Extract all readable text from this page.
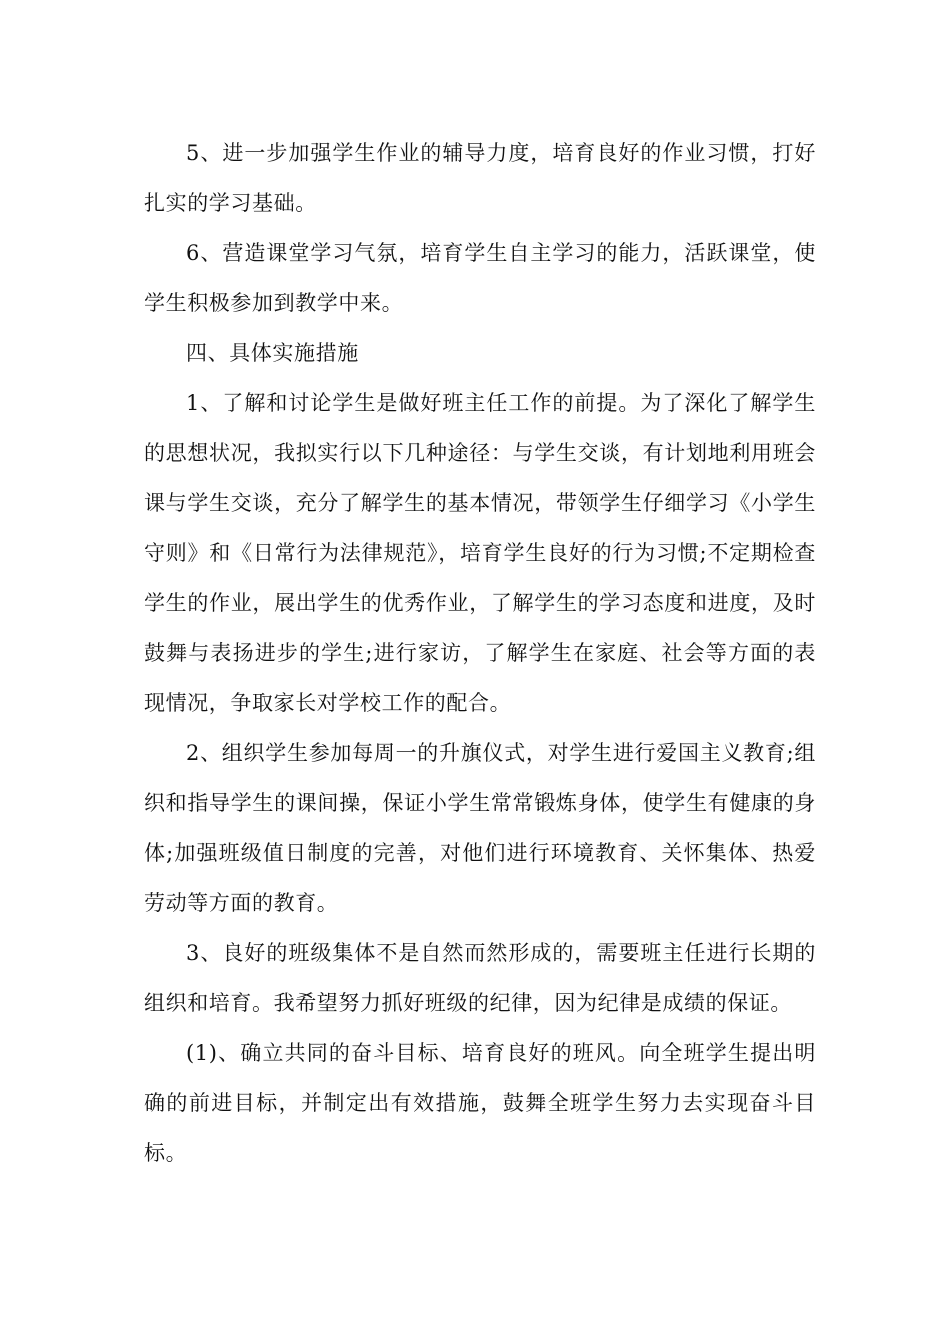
5、进一步加强学生作业的辅导力度，培育良好的作业习惯，打好扎实的学习基础。

6、营造课堂学习气氛，培育学生自主学习的能力，活跃课堂，使学生积极参加到教学中来。

四、具体实施措施

1、了解和讨论学生是做好班主任工作的前提。为了深化了解学生的思想状况，我拟实行以下几种途径：与学生交谈，有计划地利用班会课与学生交谈，充分了解学生的基本情况，带领学生仔细学习《小学生守则》和《日常行为法律规范》，培育学生良好的行为习惯;不定期检查学生的作业，展出学生的优秀作业，了解学生的学习态度和进度，及时鼓舞与表扬进步的学生;进行家访，了解学生在家庭、社会等方面的表现情况，争取家长对学校工作的配合。

2、组织学生参加每周一的升旗仪式，对学生进行爱国主义教育;组织和指导学生的课间操，保证小学生常常锻炼身体，使学生有健康的身体;加强班级值日制度的完善，对他们进行环境教育、关怀集体、热爱劳动等方面的教育。

3、良好的班级集体不是自然而然形成的，需要班主任进行长期的组织和培育。我希望努力抓好班级的纪律，因为纪律是成绩的保证。

(1)、确立共同的奋斗目标、培育良好的班风。向全班学生提出明确的前进目标，并制定出有效措施，鼓舞全班学生努力去实现奋斗目标。
